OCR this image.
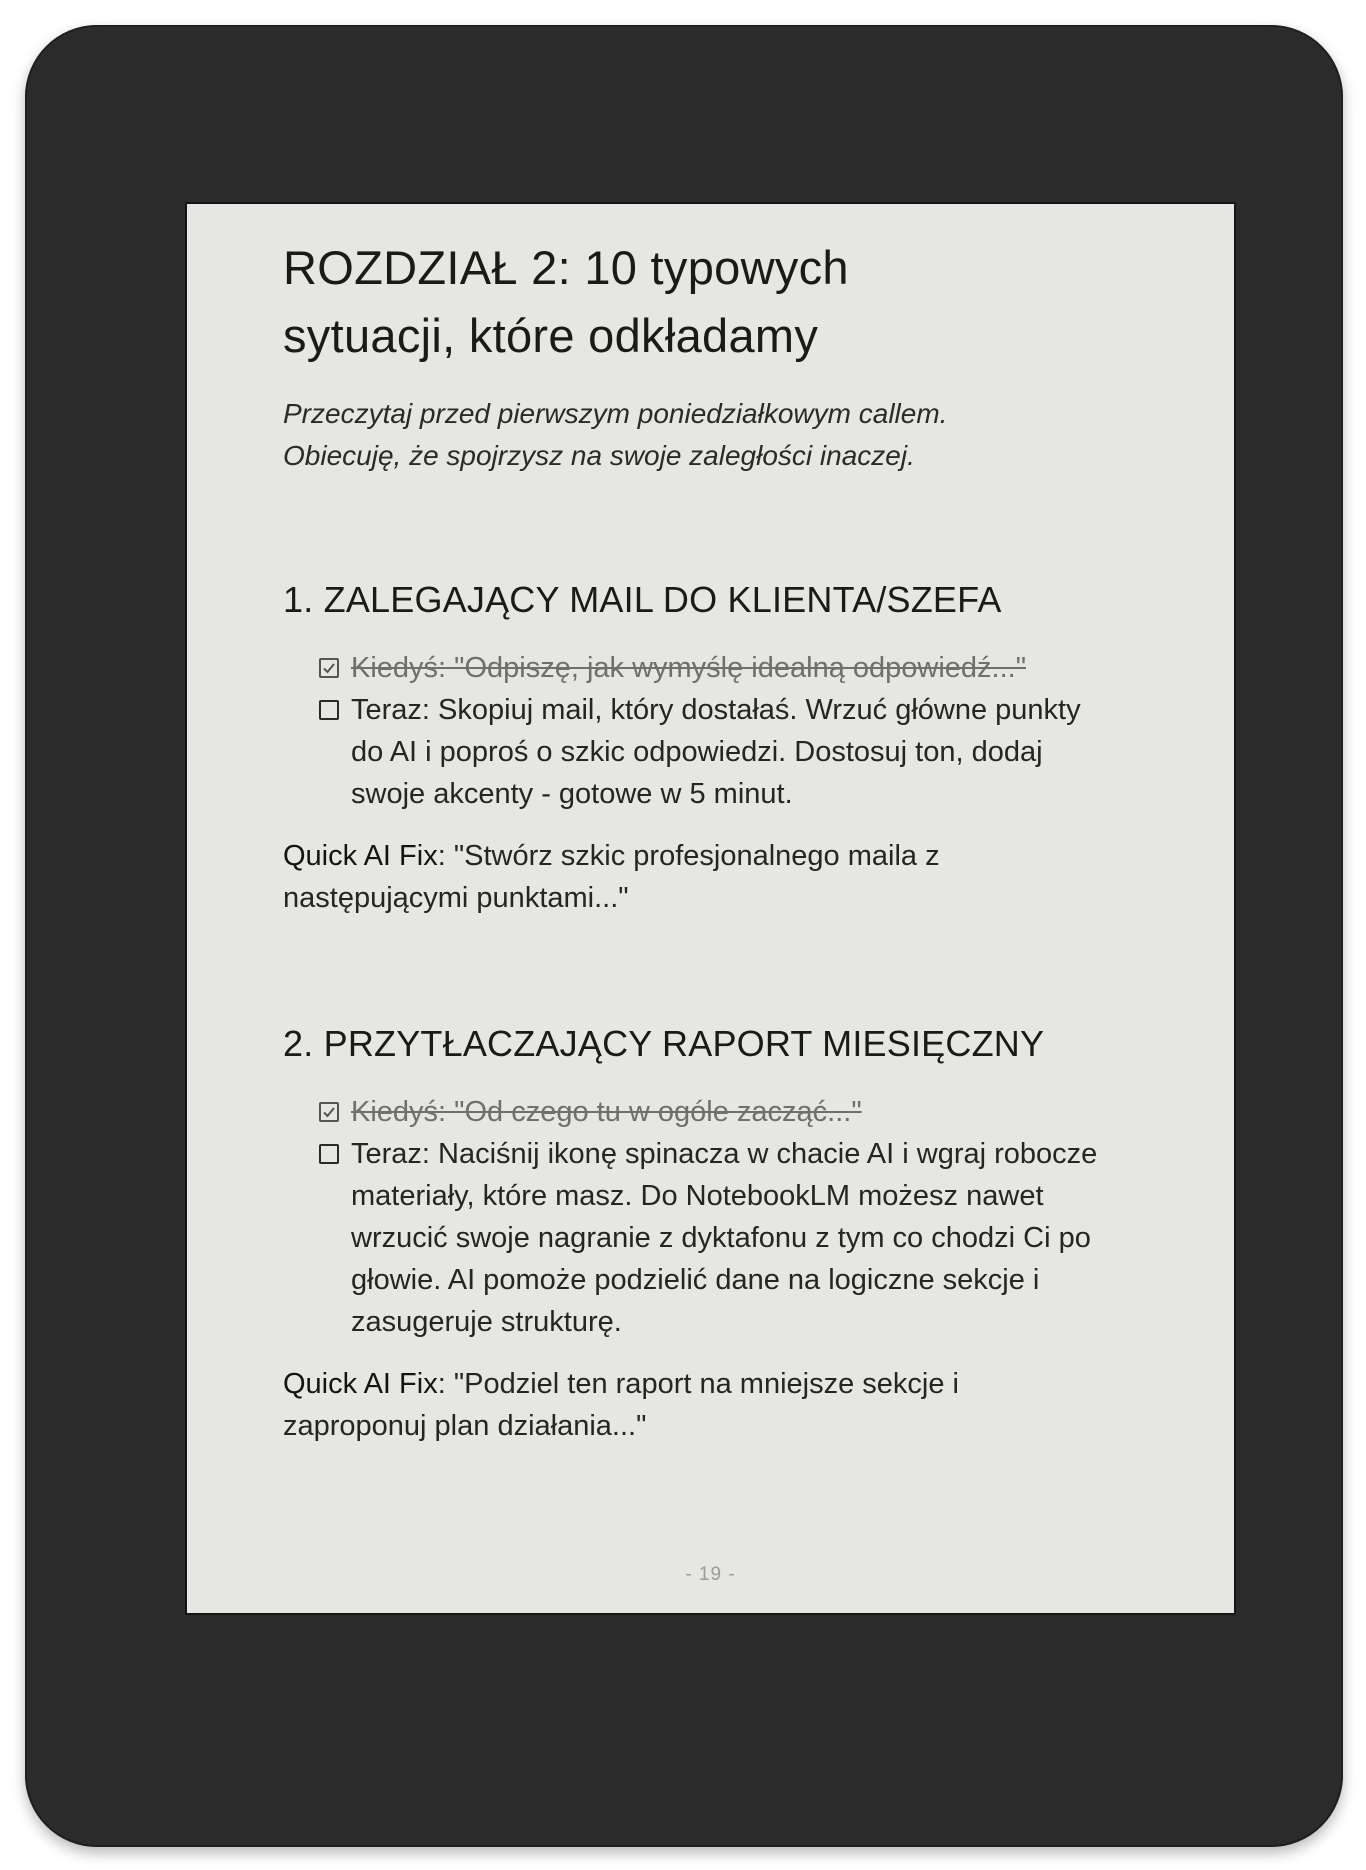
ROZDZIAŁ 2: 10 typowych
sytuacji, które odkładamy

Przeczytaj przed pierwszym poniedziałkowym callem.
Obiecuję, że spojrzysz na swoje zaległości inaczej.

1. ZALEGAJĄCY MAIL DO KLIENTA/SZEFA
Kiedyś: "Odpiszę, jak wymyślę idealną odpowiedź..."
Teraz: Skopiuj mail, który dostałaś. Wrzuć główne punkty do AI i poproś o szkic odpowiedzi. Dostosuj ton, dodaj swoje akcenty - gotowe w 5 minut.

Quick AI Fix: "Stwórz szkic profesjonalnego maila z następującymi punktami..."

2. PRZYTŁACZAJĄCY RAPORT MIESIĘCZNY
Kiedyś: "Od czego tu w ogóle zacząć..."
Teraz: Naciśnij ikonę spinacza w chacie AI i wgraj robocze materiały, które masz. Do NotebookLM możesz nawet wrzucić swoje nagranie z dyktafonu z tym co chodzi Ci po głowie. AI pomoże podzielić dane na logiczne sekcje i zasugeruje strukturę.

Quick AI Fix: "Podziel ten raport na mniejsze sekcje i zaproponuj plan działania..."

- 19 -
